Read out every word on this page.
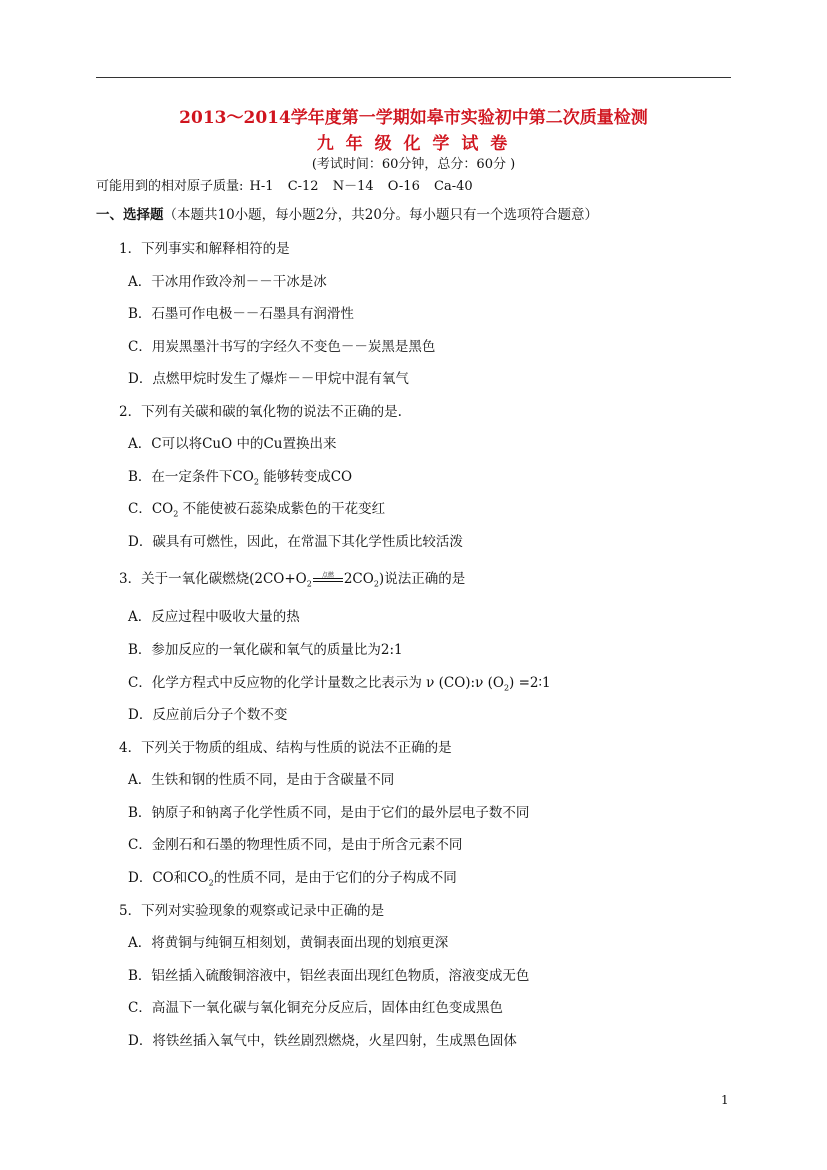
2013～2014学年度第一学期如皋市实验初中第二次质量检测
九 年 级 化 学 试 卷
(考试时间：60分钟，总分：60分 )
可能用到的相对原子质量: H-1 C-12 N－14 O-16 Ca-40
一、选择题（本题共10小题，每小题2分，共20分。每小题只有一个选项符合题意）
1．下列事实和解释相符的是
A．干冰用作致冷剂－－干冰是冰
B．石墨可作电极－－石墨具有润滑性
C．用炭黑墨汁书写的字经久不变色－－炭黑是黑色
D．点燃甲烷时发生了爆炸－－甲烷中混有氧气
2．下列有关碳和碳的氧化物的说法不正确的是.
A．C可以将CuO 中的Cu置换出来
B．在一定条件下$CO_2$ 能够转变成CO
C．$CO_2$ 不能使被石蕊染成紫色的干花变红
D．碳具有可燃性，因此，在常温下其化学性质比较活泼
3．关于一氧化碳燃烧($2CO+O_2$
点燃 $2CO_2$)说法正确的是
A．反应过程中吸收大量的热
B．参加反应的一氧化碳和氧气的质量比为2:1
C．化学方程式中反应物的化学计量数之比表示为 ν (CO):ν $(O_2)$ =2∶1
D．反应前后分子个数不变
4．下列关于物质的组成、结构与性质的说法不正确的是
A．生铁和钢的性质不同，是由于含碳量不同
B．钠原子和钠离子化学性质不同，是由于它们的最外层电子数不同
C．金刚石和石墨的物理性质不同，是由于所含元素不同
D．CO和$CO_2$的性质不同，是由于它们的分子构成不同
5．下列对实验现象的观察或记录中正确的是
A．将黄铜与纯铜互相刻划，黄铜表面出现的划痕更深
B．铝丝插入硫酸铜溶液中，铝丝表面出现红色物质，溶液变成无色
C．高温下一氧化碳与氧化铜充分反应后，固体由红色变成黑色
D．将铁丝插入氧气中，铁丝剧烈燃烧，火星四射，生成黑色固体
1
